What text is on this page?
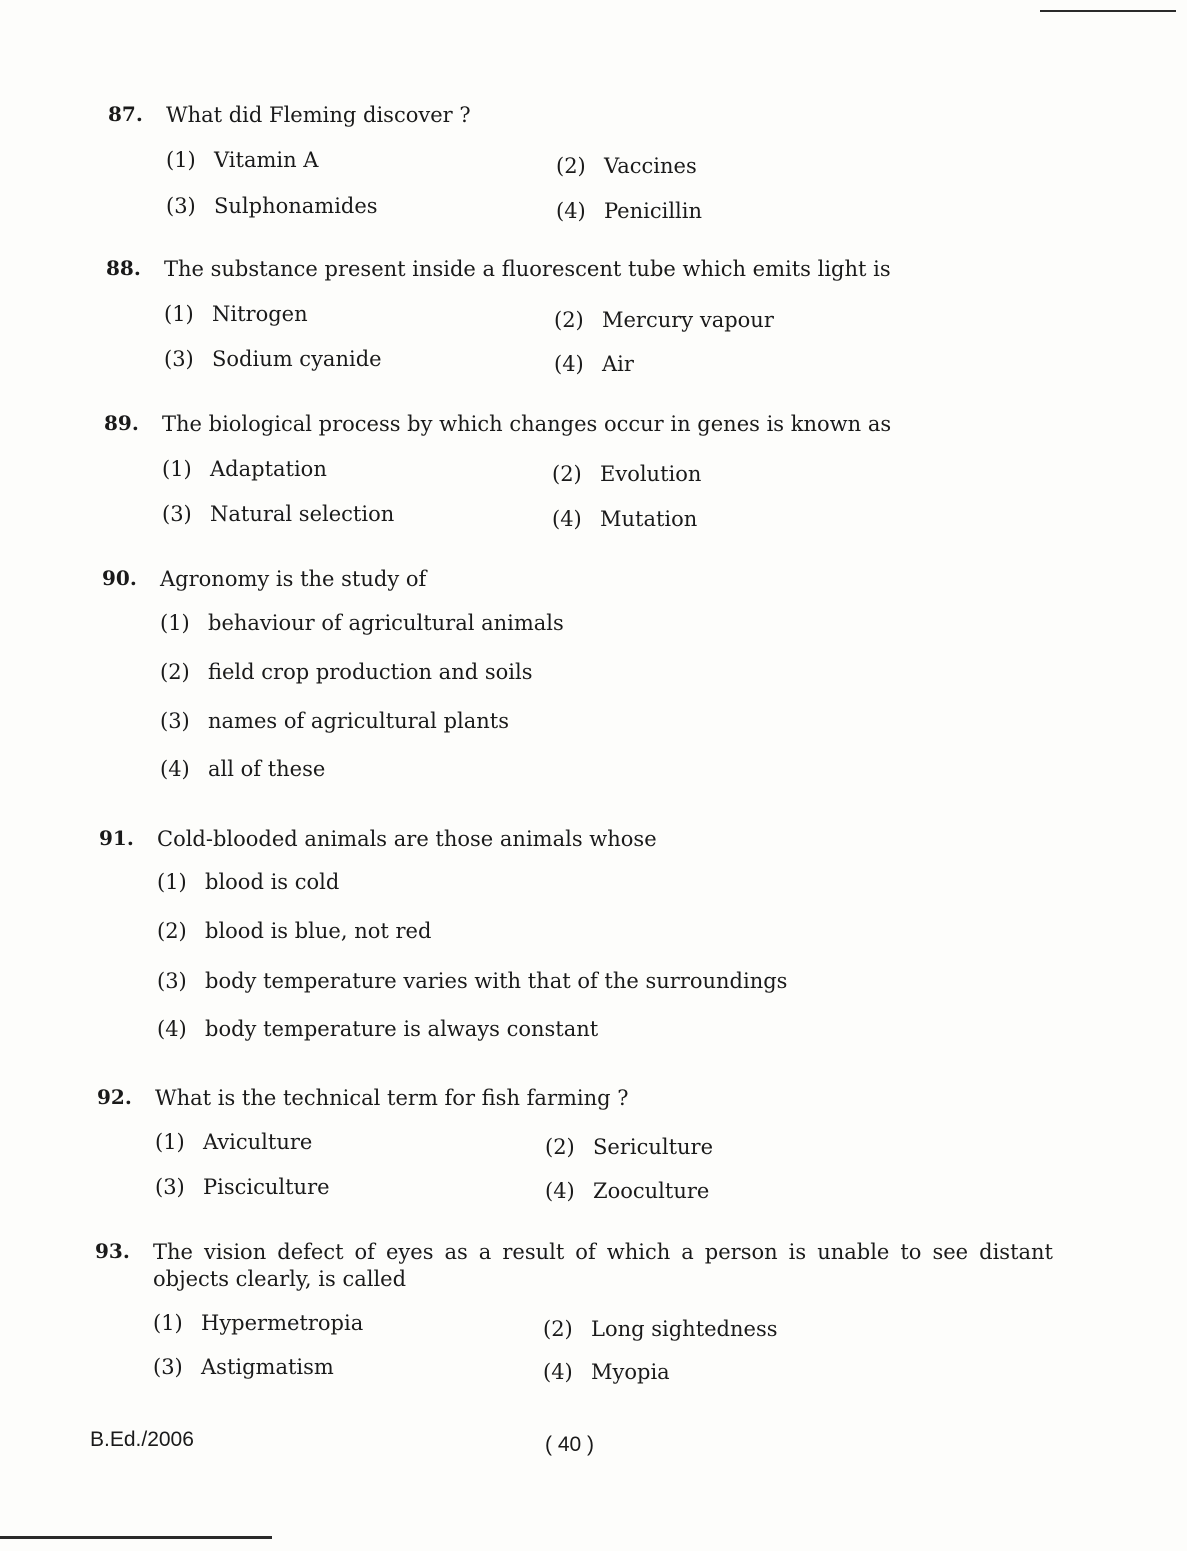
87. What did Fleming discover ?
(1) Vitamin A	(2) Vaccines
(3) Sulphonamides	(4) Penicillin
88. The substance present inside a fluorescent tube which emits light is
(1) Nitrogen	(2) Mercury vapour
(3) Sodium cyanide	(4) Air
89. The biological process by which changes occur in genes is known as
(1) Adaptation	(2) Evolution
(3) Natural selection	(4) Mutation
90. Agronomy is the study of
(1) behaviour of agricultural animals
(2) field crop production and soils
(3) names of agricultural plants
(4) all of these
91. Cold-blooded animals are those animals whose
(1) blood is cold
(2) blood is blue, not red
(3) body temperature varies with that of the surroundings
(4) body temperature is always constant
92. What is the technical term for fish farming ?
(1) Aviculture	(2) Sericulture
(3) Pisciculture	(4) Zooculture
93. The vision defect of eyes as a result of which a person is unable to see distant objects clearly, is called
(1) Hypermetropia	(2) Long sightedness
(3) Astigmatism	(4) Myopia
B.Ed./2006	( 40 )
